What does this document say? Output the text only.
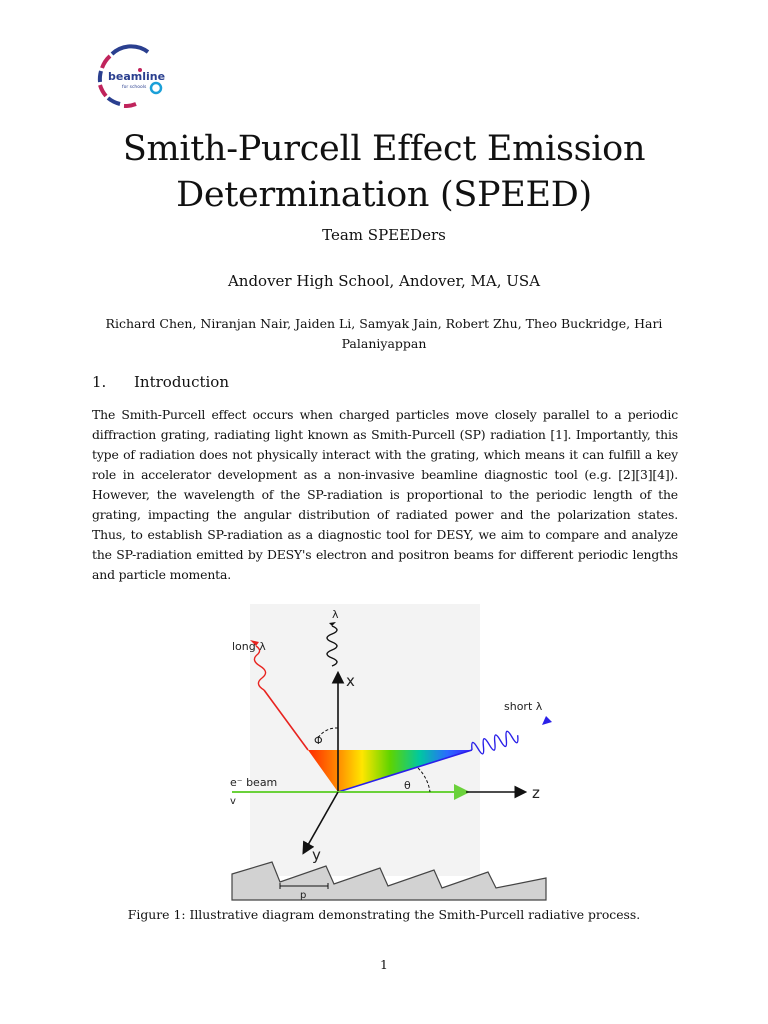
beamline
for schools
Smith-Purcell Effect Emission
Determination (SPEED)
Team SPEEDers
Andover High School, Andover, MA, USA
Richard Chen, Niranjan Nair, Jaiden Li, Samyak Jain, Robert Zhu, Theo Buckridge, Hari Palaniyappan
1. Introduction
The Smith-Purcell effect occurs when charged particles move closely parallel to a periodic diffraction grating, radiating light known as Smith-Purcell (SP) radiation [1]. Importantly, this type of radiation does not physically interact with the grating, which means it can fulfill a key role in accelerator development as a non-invasive beamline diagnostic tool (e.g. [2][3][4]). However, the wavelength of the SP-radiation is proportional to the periodic length of the grating, impacting the angular distribution of radiated power and the polarization states. Thus, to establish SP-radiation as a diagnostic tool for DESY, we aim to compare and analyze the SP-radiation emitted by DESY's electron and positron beams for different periodic lengths and particle momenta.
λ
long λ
short λ
x
y
z
Φ
θ
e⁻ beam
v
p
Figure 1: Illustrative diagram demonstrating the Smith-Purcell radiative process.
1
